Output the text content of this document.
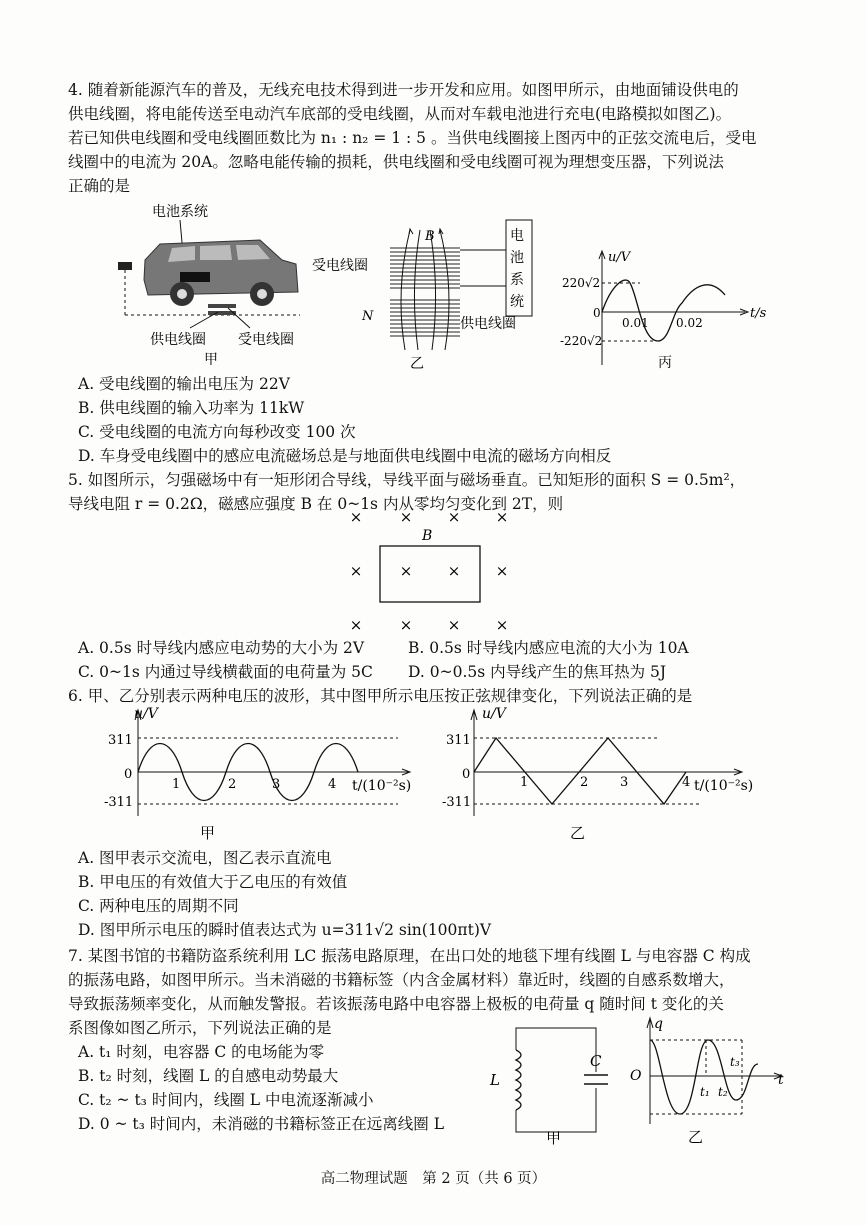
4. 随着新能源汽车的普及，无线充电技术得到进一步开发和应用。如图甲所示，由地面铺设供电的

供电线圈，将电能传送至电动汽车底部的受电线圈，从而对车载电池进行充电(电路模拟如图乙)。

若已知供电线圈和受电线圈匝数比为 n₁ : n₂ = 1 : 5 。当供电线圈接上图丙中的正弦交流电后，受电

线圈中的电流为 20A。忽略电能传输的损耗，供电线圈和受电线圈可视为理想变压器，下列说法

正确的是

电池系统
供电线圈 受电线圈
甲
受电线圈
供电线圈
B
N
电
池
系
统
乙
u/V
t/s
220√2
-220√2
0
0.01 0.02
丙

A. 受电线圈的输出电压为 22V

B. 供电线圈的输入功率为 11kW

C. 受电线圈的电流方向每秒改变 100 次

D. 车身受电线圈中的感应电流磁场总是与地面供电线圈中电流的磁场方向相反

5. 如图所示，匀强磁场中有一矩形闭合导线，导线平面与磁场垂直。已知矩形的面积 S = 0.5m²，

导线电阻 r = 0.2Ω，磁感应强度 B 在 0~1s 内从零均匀变化到 2T，则

× × × ×
× × × ×
× × × ×
B
A. 0.5s 时导线内感应电动势的大小为 2V	B. 0.5s 时导线内感应电流的大小为 10A
C. 0~1s 内通过导线横截面的电荷量为 5C	D. 0~0.5s 内导线产生的焦耳热为 5J

6. 甲、乙分别表示两种电压的波形，其中图甲所示电压按正弦规律变化，下列说法正确的是

u/V
t/(10⁻²s)
311
-311
0
1	2	3	4
甲
u/V
t/(10⁻²s)
311
-311
0
1	2 3	4
乙

A. 图甲表示交流电，图乙表示直流电

B. 甲电压的有效值大于乙电压的有效值

C. 两种电压的周期不同

D. 图甲所示电压的瞬时值表达式为 u=311√2 sin(100πt)V

7. 某图书馆的书籍防盗系统利用 LC 振荡电路原理，在出口处的地毯下埋有线圈 L 与电容器 C 构成

的振荡电路，如图甲所示。当未消磁的书籍标签（内含金属材料）靠近时，线圈的自感系数增大，

导致振荡频率变化，从而触发警报。若该振荡电路中电容器上极板的电荷量 q 随时间 t 变化的关

系图像如图乙所示，下列说法正确的是

A. t₁ 时刻，电容器 C 的电场能为零

B. t₂ 时刻，线圈 L 的自感电动势最大

C. t₂ ~ t₃ 时间内，线圈 L 中电流逐渐减小

D. 0 ~ t₃ 时间内，未消磁的书籍标签正在远离线圈 L

L
C
甲
q
O	t
t₁ t₂
t₃
乙
高二物理试题　第 2 页（共 6 页）
